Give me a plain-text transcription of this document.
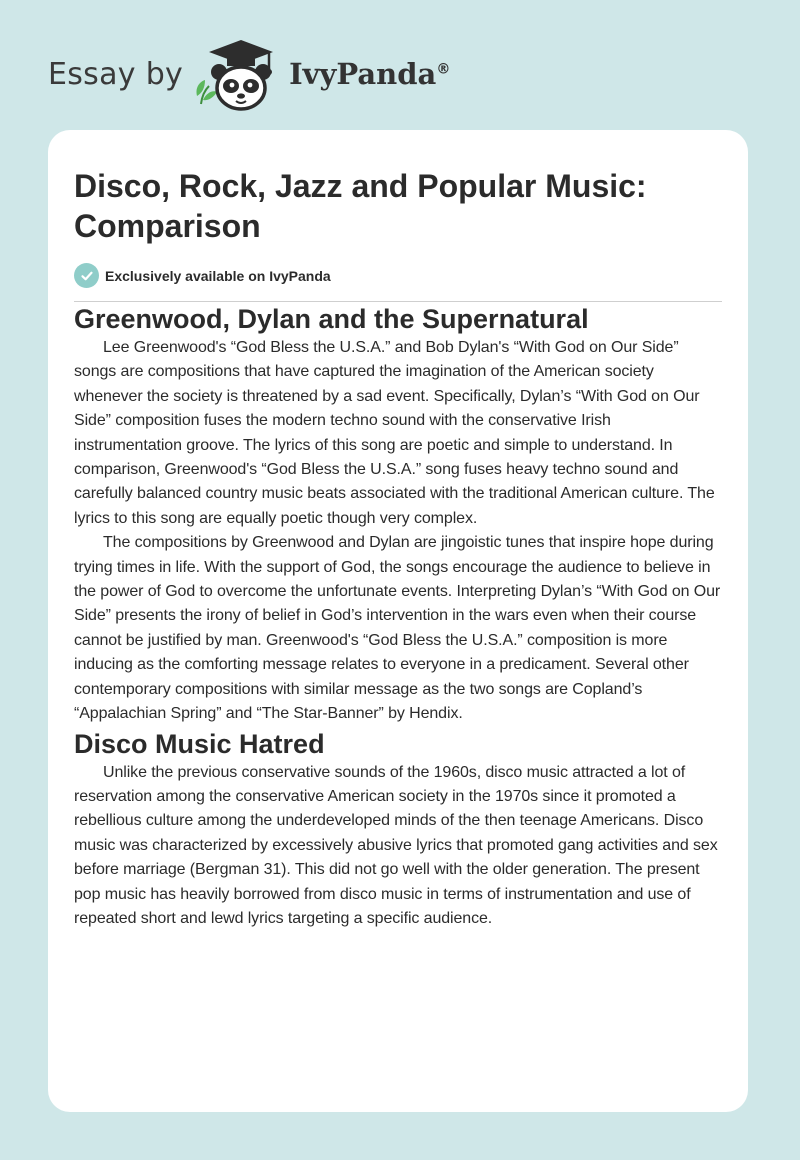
Essay by	IvyPanda®
Disco, Rock, Jazz and Popular Music: Comparison
Exclusively available on IvyPanda
Greenwood, Dylan and the Supernatural

Lee Greenwood's “God Bless the U.S.A.” and Bob Dylan's “With God on Our Side” songs are compositions that have captured the imagination of the American society whenever the society is threatened by a sad event. Specifically, Dylan’s “With God on Our Side” composition fuses the modern techno sound with the conservative Irish instrumentation groove. The lyrics of this song are poetic and simple to understand. In comparison, Greenwood's “God Bless the U.S.A.” song fuses heavy techno sound and carefully balanced country music beats associated with the traditional American culture. The lyrics to this song are equally poetic though very complex.

The compositions by Greenwood and Dylan are jingoistic tunes that inspire hope during trying times in life. With the support of God, the songs encourage the audience to believe in the power of God to overcome the unfortunate events. Interpreting Dylan’s “With God on Our Side” presents the irony of belief in God’s intervention in the wars even when their course cannot be justified by man. Greenwood's “God Bless the U.S.A.” composition is more inducing as the comforting message relates to everyone in a predicament. Several other contemporary compositions with similar message as the two songs are Copland’s “Appalachian Spring” and “The Star-Banner” by Hendix.

Disco Music Hatred

Unlike the previous conservative sounds of the 1960s, disco music attracted a lot of reservation among the conservative American society in the 1970s since it promoted a rebellious culture among the underdeveloped minds of the then teenage Americans. Disco music was characterized by excessively abusive lyrics that promoted gang activities and sex before marriage (Bergman 31). This did not go well with the older generation. The present pop music has heavily borrowed from disco music in terms of instrumentation and use of repeated short and lewd lyrics targeting a specific audience.
